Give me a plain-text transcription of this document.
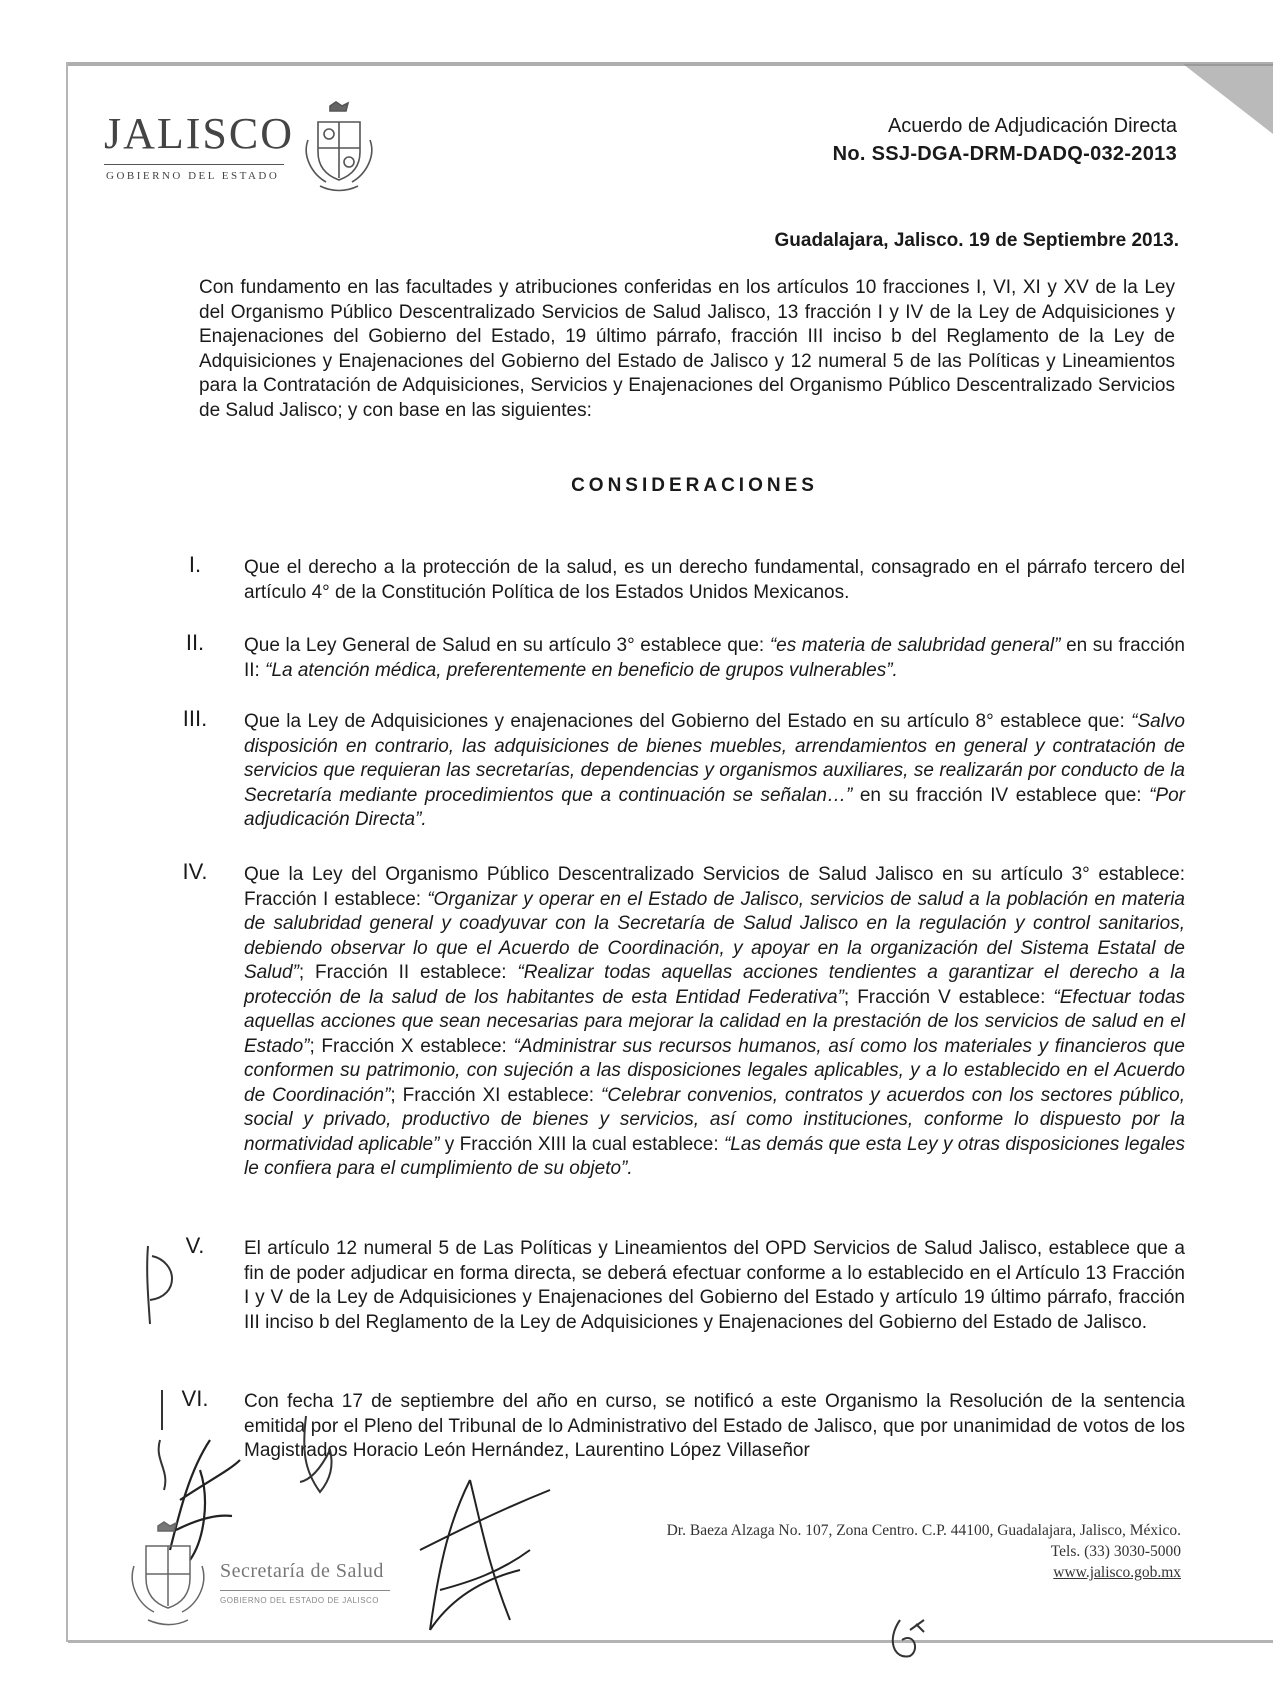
JALISCO
GOBIERNO DEL ESTADO
Acuerdo de Adjudicación Directa
No. SSJ-DGA-DRM-DADQ-032-2013
Guadalajara, Jalisco. 19 de Septiembre 2013.
Con fundamento en las facultades y atribuciones conferidas en los artículos 10 fracciones I, VI, XI y XV de la Ley del Organismo Público Descentralizado Servicios de Salud Jalisco, 13 fracción I y IV de la Ley de Adquisiciones y Enajenaciones del Gobierno del Estado, 19 último párrafo, fracción III inciso b del Reglamento de la Ley de Adquisiciones y Enajenaciones del Gobierno del Estado de Jalisco y 12 numeral 5 de las Políticas y Lineamientos para la Contratación de Adquisiciones, Servicios y Enajenaciones del Organismo Público Descentralizado Servicios de Salud Jalisco; y con base en las siguientes:
CONSIDERACIONES
I.	Que el derecho a la protección de la salud, es un derecho fundamental, consagrado en el párrafo tercero del artículo 4° de la Constitución Política de los Estados Unidos Mexicanos.
II.	Que la Ley General de Salud en su artículo 3° establece que: “es materia de salubridad general” en su fracción II: “La atención médica, preferentemente en beneficio de grupos vulnerables”.
III.	Que la Ley de Adquisiciones y enajenaciones del Gobierno del Estado en su artículo 8° establece que: “Salvo disposición en contrario, las adquisiciones de bienes muebles, arrendamientos en general y contratación de servicios que requieran las secretarías, dependencias y organismos auxiliares, se realizarán por conducto de la Secretaría mediante procedimientos que a continuación se señalan…” en su fracción IV establece que: “Por adjudicación Directa”.
IV.	Que la Ley del Organismo Público Descentralizado Servicios de Salud Jalisco en su artículo 3° establece: Fracción I establece: “Organizar y operar en el Estado de Jalisco, servicios de salud a la población en materia de salubridad general y coadyuvar con la Secretaría de Salud Jalisco en la regulación y control sanitarios, debiendo observar lo que el Acuerdo de Coordinación, y apoyar en la organización del Sistema Estatal de Salud”; Fracción II establece: “Realizar todas aquellas acciones tendientes a garantizar el derecho a la protección de la salud de los habitantes de esta Entidad Federativa”; Fracción V establece: “Efectuar todas aquellas acciones que sean necesarias para mejorar la calidad en la prestación de los servicios de salud en el Estado”; Fracción X establece: “Administrar sus recursos humanos, así como los materiales y financieros que conformen su patrimonio, con sujeción a las disposiciones legales aplicables, y a lo establecido en el Acuerdo de Coordinación”; Fracción XI establece: “Celebrar convenios, contratos y acuerdos con los sectores público, social y privado, productivo de bienes y servicios, así como instituciones, conforme lo dispuesto por la normatividad aplicable” y Fracción XIII la cual establece: “Las demás que esta Ley y otras disposiciones legales le confiera para el cumplimiento de su objeto”.
V.	El artículo 12 numeral 5 de Las Políticas y Lineamientos del OPD Servicios de Salud Jalisco, establece que a fin de poder adjudicar en forma directa, se deberá efectuar conforme a lo establecido en el Artículo 13 Fracción I y V de la Ley de Adquisiciones y Enajenaciones del Gobierno del Estado y artículo 19 último párrafo, fracción III inciso b del Reglamento de la Ley de Adquisiciones y Enajenaciones del Gobierno del Estado de Jalisco.
VI.	Con fecha 17 de septiembre del año en curso, se notificó a este Organismo la Resolución de la sentencia emitida por el Pleno del Tribunal de lo Administrativo del Estado de Jalisco, que por unanimidad de votos de los Magistrados Horacio León Hernández, Laurentino López Villaseñor
Secretaría de Salud
GOBIERNO DEL ESTADO DE JALISCO
Dr. Baeza Alzaga No. 107, Zona Centro. C.P. 44100, Guadalajara, Jalisco, México.
Tels. (33) 3030-5000
www.jalisco.gob.mx
